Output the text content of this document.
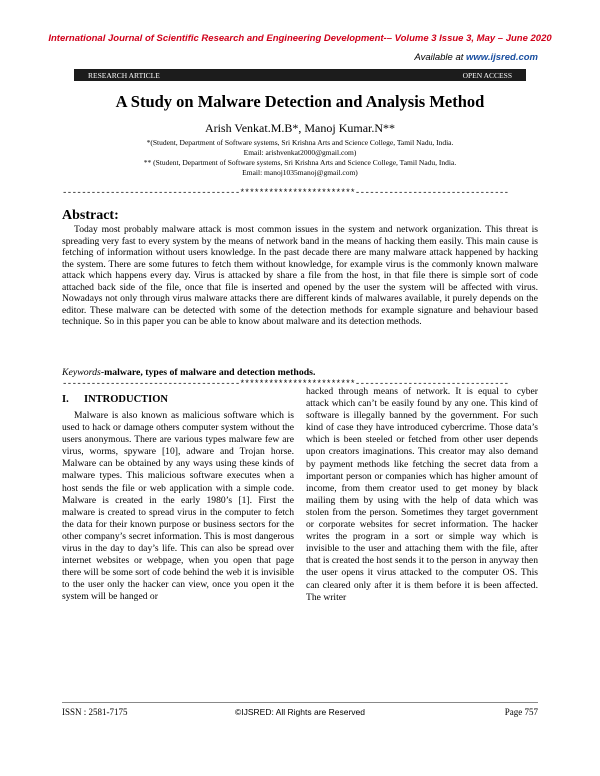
International Journal of Scientific Research and Engineering Development-– Volume 3 Issue 3, May – June 2020
Available at www.ijsred.com
RESEARCH ARTICLE	OPEN ACCESS
A Study on Malware Detection and Analysis Method
Arish Venkat.M.B*, Manoj Kumar.N**
*(Student, Department of Software systems, Sri Krishna Arts and Science College, Tamil Nadu, India.
Email: arishvenkat2000@gmail.com)
** (Student, Department of Software systems, Sri Krishna Arts and Science College, Tamil Nadu, India.
Email: manoj1035manoj@gmail.com)
-------------------------------------************************--------------------------------
Abstract:
Today most probably malware attack is most common issues in the system and network organization. This threat is spreading very fast to every system by the means of network band in the means of hacking them easily. This main cause is fetching of information without users knowledge. In the past decade there are many malware attack happened by hacking the system. There are some futures to fetch them without knowledge, for example virus is the commonly known malware attack which happens every day. Virus is attacked by share a file from the host, in that file there is simple sort of code attached back side of the file, once that file is inserted and opened by the user the system will be affected with virus. Nowadays not only through virus malware attacks there are different kinds of malwares available, it purely depends on the editor. These malware can be detected with some of the detection methods for example signature and behaviour based technique. So in this paper you can be able to know about malware and its detection methods.
Keywords-malware, types of malware and detection methods.
-------------------------------------************************--------------------------------
I. INTRODUCTION
Malware is also known as malicious software which is used to hack or damage others computer system without the users anonymous. There are various types malware few are virus, worms, spyware [10], adware and Trojan horse. Malware can be obtained by any ways using these kinds of malware types. This malicious software executes when a host sends the file or web application with a simple code. Malware is created in the early 1980’s [1]. First the malware is created to spread virus in the computer to fetch the data for their known purpose or business sectors for the other company’s secret information. This is most dangerous virus in the day to day’s life. This can also be spread over internet websites or webpage, when you open that page there will be some sort of code behind the web it is invisible to the user only the hacker can view, once you open it the system will be hanged or
hacked through means of network. It is equal to cyber attack which can’t be easily found by any one. This kind of software is illegally banned by the government. For such kind of case they have introduced cybercrime. Those data’s which is been steeled or fetched from other user depends upon creators imaginations. This creator may also demand by payment methods like fetching the secret data from a important person or companies which has higher amount of income, from them creator used to get money by black mailing them by using with the help of data which was stolen from the person. Sometimes they target government or corporate websites for secret information. The hacker writes the program in a sort or simple way which is invisible to the user and attaching them with the file, after that is created the host sends it to the person in anyway then the user opens it virus attacked to the computer OS. This can cleared only after it is them before it is been affected. The writer
ISSN : 2581-7175	©IJSRED: All Rights are Reserved	Page 757
